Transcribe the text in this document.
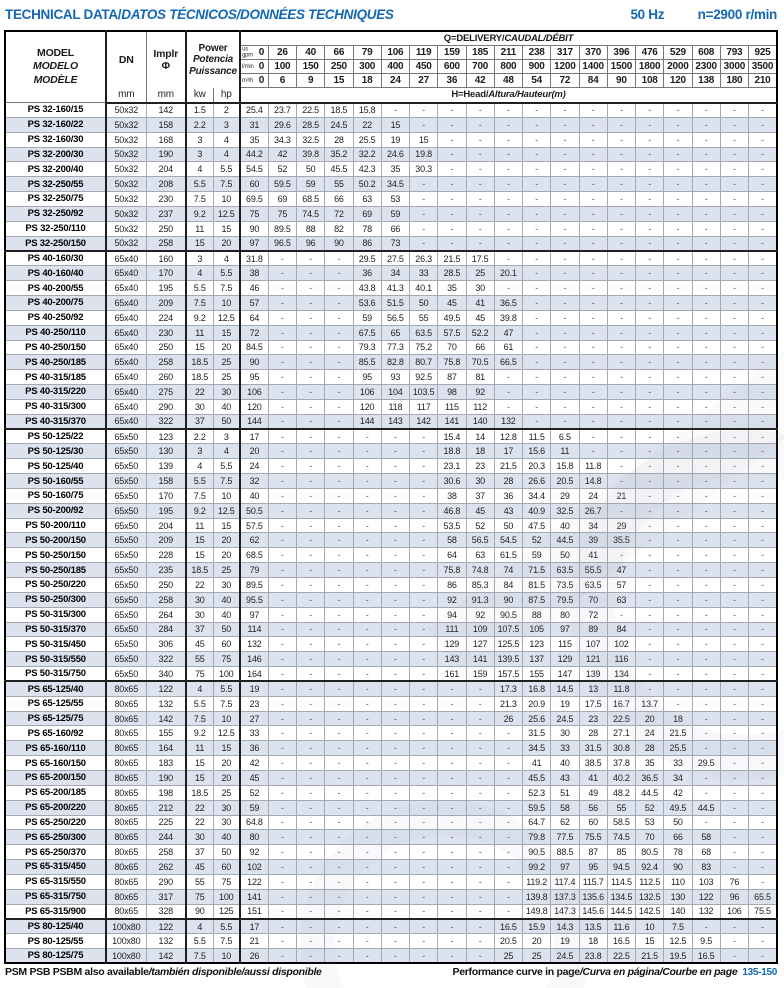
TECHNICAL DATA/DATOS TÉCNICOS/DONNÉES TECHNIQUES	50 Hz n=2900 r/min
MODEL
MODELO
MODÈLE
	DN	Implr
Φ

Power
Potencia
Puissance
	Q=DELIVERY/CAUDAL/DÉBIT

					us
gpm 0	26	40	66	79	106	119	159	185	211	238	317	370	396	476	529	608	793	925

					l/min 0	100	150	250	300	400	450	600	700	800	900	1200	1400	1500	1800	2000	2300	3000	3500

					m³/h 0	6	9	15	18	24	27	36	42	48	54	72	84	90	108	120	138	180	210
	mm	mm	kw	hp	H=Head/Altura/Hauteur(m)																		
PS 32-160/15	50x32	142	1.5	2	25.4	23.7	22.5	18.5	15.8	-	-	-	-	-	-	-	-	-	-	-	-	-	-
PS 32-160/22	50x32	158	2.2	3	31	29.6	28.5	24.5	22	15	-	-	-	-	-	-	-	-	-	-	-	-	-
PS 32-160/30	50x32	168	3	4	35	34.3	32.5	28	25.5	19	15	-	-	-	-	-	-	-	-	-	-	-	-
PS 32-200/30	50x32	190	3	4	44.2	42	39.8	35.2	32.2	24.6	19.8	-	-	-	-	-	-	-	-	-	-	-	-
PS 32-200/40	50x32	204	4	5.5	54.5	52	50	45.5	42.3	35	30.3	-	-	-	-	-	-	-	-	-	-	-	-
PS 32-250/55	50x32	208	5.5	7.5	60	59.5	59	55	50.2	34.5	-	-	-	-	-	-	-	-	-	-	-	-	-
PS 32-250/75	50x32	230	7.5	10	69.5	69	68.5	66	63	53	-	-	-	-	-	-	-	-	-	-	-	-	-
PS 32-250/92	50x32	237	9.2	12.5	75	75	74.5	72	69	59	-	-	-	-	-	-	-	-	-	-	-	-	-
PS 32-250/110	50x32	250	11	15	90	89.5	88	82	78	66	-	-	-	-	-	-	-	-	-	-	-	-	-
PS 32-250/150	50x32	258	15	20	97	96.5	96	90	86	73	-	-	-	-	-	-	-	-	-	-	-	-	-
PS 40-160/30	65x40	160	3	4	31.8	-	-	-	29.5	27.5	26.3	21.5	17.5	-	-	-	-	-	-	-	-	-	-
PS 40-160/40	65x40	170	4	5.5	38	-	-	-	36	34	33	28.5	25	20.1	-	-	-	-	-	-	-	-	-
PS 40-200/55	65x40	195	5.5	7.5	46	-	-	-	43.8	41.3	40.1	35	30	-	-	-	-	-	-	-	-	-	-
PS 40-200/75	65x40	209	7.5	10	57	-	-	-	53.6	51.5	50	45	41	36.5	-	-	-	-	-	-	-	-	-
PS 40-250/92	65x40	224	9.2	12.5	64	-	-	-	59	56.5	55	49.5	45	39.8	-	-	-	-	-	-	-	-	-
PS 40-250/110	65x40	230	11	15	72	-	-	-	67.5	65	63.5	57.5	52.2	47	-	-	-	-	-	-	-	-	-
PS 40-250/150	65x40	250	15	20	84.5	-	-	-	79.3	77.3	75.2	70	66	61	-	-	-	-	-	-	-	-	-
PS 40-250/185	65x40	258	18.5	25	90	-	-	-	85.5	82.8	80.7	75.8	70.5	66.5	-	-	-	-	-	-	-	-	-
PS 40-315/185	65x40	260	18.5	25	95	-	-	-	95	93	92.5	87	81	-	-	-	-	-	-	-	-	-	-
PS 40-315/220	65x40	275	22	30	106	-	-	-	106	104	103.5	98	92	-	-	-	-	-	-	-	-	-	-
PS 40-315/300	65x40	290	30	40	120	-	-	-	120	118	117	115	112	-	-	-	-	-	-	-	-	-	-
PS 40-315/370	65x40	322	37	50	144	-	-	-	144	143	142	141	140	132	-	-	-	-	-	-	-	-	-
PS 50-125/22	65x50	123	2.2	3	17	-	-	-	-	-	-	15.4	14	12.8	11.5	6.5	-	-	-	-	-	-	-
PS 50-125/30	65x50	130	3	4	20	-	-	-	-	-	-	18.8	18	17	15.6	11	-	-	-	-	-	-	-
PS 50-125/40	65x50	139	4	5.5	24	-	-	-	-	-	-	23.1	23	21.5	20.3	15.8	11.8	-	-	-	-	-	-
PS 50-160/55	65x50	158	5.5	7.5	32	-	-	-	-	-	-	30.6	30	28	26.6	20.5	14.8	-	-	-	-	-	-
PS 50-160/75	65x50	170	7.5	10	40	-	-	-	-	-	-	38	37	36	34.4	29	24	21	-	-	-	-	-
PS 50-200/92	65x50	195	9.2	12.5	50.5	-	-	-	-	-	-	46.8	45	43	40.9	32.5	26.7	-	-	-	-	-	-
PS 50-200/110	65x50	204	11	15	57.5	-	-	-	-	-	-	53.5	52	50	47.5	40	34	29	-	-	-	-	-
PS 50-200/150	65x50	209	15	20	62	-	-	-	-	-	-	58	56.5	54.5	52	44.5	39	35.5	-	-	-	-	-
PS 50-250/150	65x50	228	15	20	68.5	-	-	-	-	-	-	64	63	61.5	59	50	41	-	-	-	-	-	-
PS 50-250/185	65x50	235	18.5	25	79	-	-	-	-	-	-	75.8	74.8	74	71.5	63.5	55.5	47	-	-	-	-	-
PS 50-250/220	65x50	250	22	30	89.5	-	-	-	-	-	-	86	85.3	84	81.5	73.5	63.5	57	-	-	-	-	-
PS 50-250/300	65x50	258	30	40	95.5	-	-	-	-	-	-	92	91.3	90	87.5	79.5	70	63	-	-	-	-	-
PS 50-315/300	65x50	264	30	40	97	-	-	-	-	-	-	94	92	90.5	88	80	72	-	-	-	-	-	-
PS 50-315/370	65x50	284	37	50	114	-	-	-	-	-	-	111	109	107.5	105	97	89	84	-	-	-	-	-
PS 50-315/450	65x50	306	45	60	132	-	-	-	-	-	-	129	127	125.5	123	115	107	102	-	-	-	-	-
PS 50-315/550	65x50	322	55	75	146	-	-	-	-	-	-	143	141	139.5	137	129	121	116	-	-	-	-	-
PS 50-315/750	65x50	340	75	100	164	-	-	-	-	-	-	161	159	157.5	155	147	139	134	-	-	-	-	-
PS 65-125/40	80x65	122	4	5.5	19	-	-	-	-	-	-	-	-	17.3	16.8	14.5	13	11.8	-	-	-	-	-
PS 65-125/55	80x65	132	5.5	7.5	23	-	-	-	-	-	-	-	-	21.3	20.9	19	17.5	16.7	13.7	-	-	-	-
PS 65-125/75	80x65	142	7.5	10	27	-	-	-	-	-	-	-	-	26	25.6	24.5	23	22.5	20	18	-	-	-
PS 65-160/92	80x65	155	9.2	12.5	33	-	-	-	-	-	-	-	-	-	31.5	30	28	27.1	24	21.5	-	-	-
PS 65-160/110	80x65	164	11	15	36	-	-	-	-	-	-	-	-	-	34.5	33	31.5	30.8	28	25.5	-	-	-
PS 65-160/150	80x65	183	15	20	42	-	-	-	-	-	-	-	-	-	41	40	38.5	37.8	35	33	29.5	-	-
PS 65-200/150	80x65	190	15	20	45	-	-	-	-	-	-	-	-	-	45.5	43	41	40.2	36.5	34	-	-	-
PS 65-200/185	80x65	198	18.5	25	52	-	-	-	-	-	-	-	-	-	52.3	51	49	48.2	44.5	42	-	-	-
PS 65-200/220	80x65	212	22	30	59	-	-	-	-	-	-	-	-	-	59.5	58	56	55	52	49.5	44.5	-	-
PS 65-250/220	80x65	225	22	30	64.8	-	-	-	-	-	-	-	-	-	64.7	62	60	58.5	53	50	-	-	-
PS 65-250/300	80x65	244	30	40	80	-	-	-	-	-	-	-	-	-	79.8	77.5	75.5	74.5	70	66	58	-	-
PS 65-250/370	80x65	258	37	50	92	-	-	-	-	-	-	-	-	-	90.5	88.5	87	85	80.5	78	68	-	-
PS 65-315/450	80x65	262	45	60	102	-	-	-	-	-	-	-	-	-	99.2	97	95	94.5	92.4	90	83	-	-
PS 65-315/550	80x65	290	55	75	122	-	-	-	-	-	-	-	-	-	119.2	117.4	115.7	114.5	112.5	110	103	76	-
PS 65-315/750	80x65	317	75	100	141	-	-	-	-	-	-	-	-	-	139.8	137.3	135.6	134.5	132.5	130	122	96	65.5
PS 65-315/900	80x65	328	90	125	151	-	-	-	-	-	-	-	-	-	149.8	147.3	145.6	144.5	142.5	140	132	106	75.5
PS 80-125/40	100x80	122	4	5.5	17	-	-	-	-	-	-	-	-	16.5	15.9	14.3	13.5	11.6	10	7.5	-	-	-
PS 80-125/55	100x80	132	5.5	7.5	21	-	-	-	-	-	-	-	-	20.5	20	19	18	16.5	15	12.5	9.5	-	-
PS 80-125/75	100x80	142	7.5	10	26	-	-	-	-	-	-	-	-	25	25	24.5	23.8	22.5	21.5	19.5	16.5	-	-
PSM PSB PSBM also available/también disponible/aussi disponible	Performance curve in page/Curva en página/Courbe en page 135-150
